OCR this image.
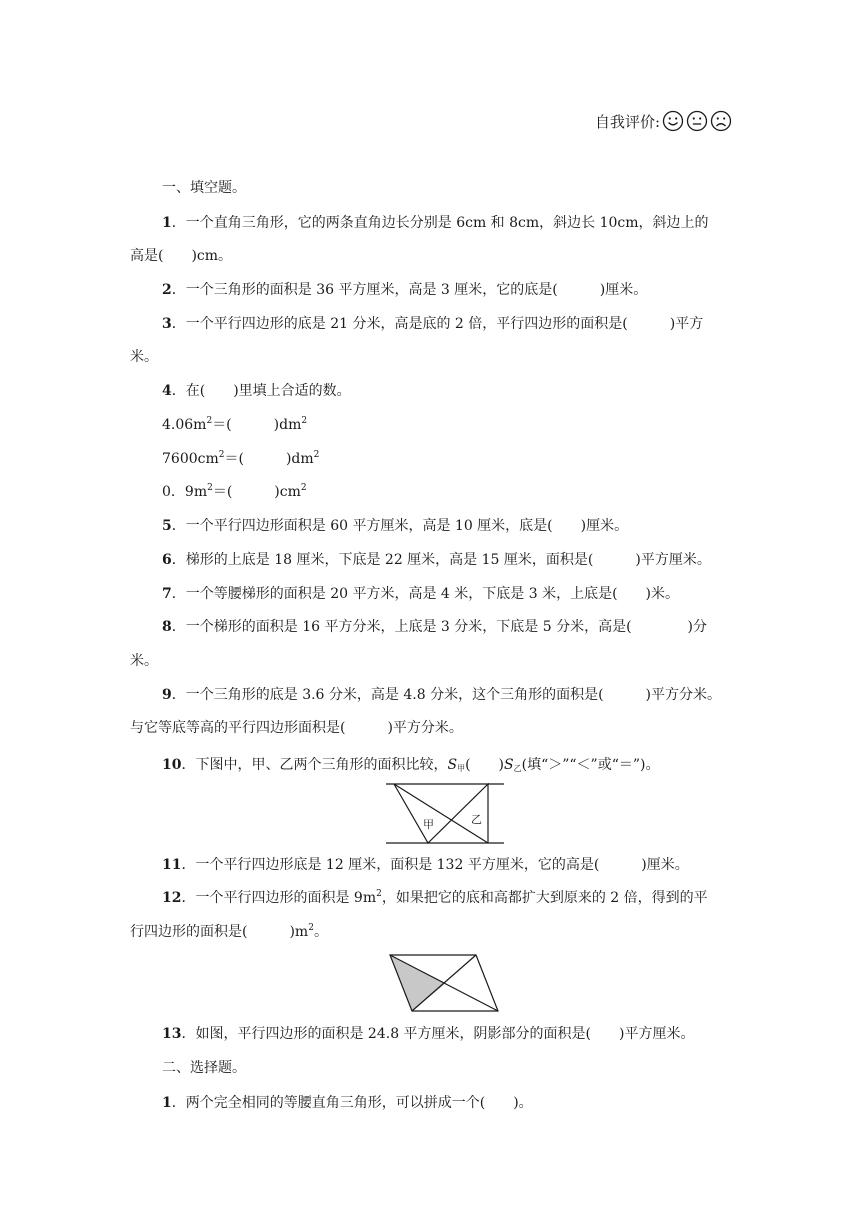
自我评价:
一、填空题。
1．一个直角三角形，它的两条直角边长分别是 6cm 和 8cm，斜边长 10cm，斜边上的
高是(　　)cm。
2．一个三角形的面积是 36 平方厘米，高是 3 厘米，它的底是(　　　)厘米。
3．一个平行四边形的底是 21 分米，高是底的 2 倍，平行四边形的面积是(　　　)平方
米。
4．在(　　)里填上合适的数。
$4.06m^2=$(　　　)$dm^2$
$7600cm^2=$(　　　)$dm^2$
0．$9m^2=$(　　　)$cm^2$
5．一个平行四边形面积是 60 平方厘米，高是 10 厘米，底是(　　)厘米。
6．梯形的上底是 18 厘米，下底是 22 厘米，高是 15 厘米，面积是(　　　)平方厘米。
7．一个等腰梯形的面积是 20 平方米，高是 4 米，下底是 3 米，上底是(　　)米。
8．一个梯形的面积是 16 平方分米，上底是 3 分米，下底是 5 分米，高是(　　　　)分
米。
9．一个三角形的底是 3.6 分米，高是 4.8 分米，这个三角形的面积是(　　　)平方分米。
与它等底等高的平行四边形面积是(　　　)平方分米。
10．下图中，甲、乙两个三角形的面积比较，$S_甲$(　　)$S_乙$(填“＞”“＜”或“＝”)。
甲	乙
11．一个平行四边形底是 12 厘米，面积是 132 平方厘米，它的高是(　　　)厘米。
12．一个平行四边形的面积是 $9m^2$，如果把它的底和高都扩大到原来的 2 倍，得到的平
行四边形的面积是(　　　)$m^2$。
13．如图，平行四边形的面积是 24.8 平方厘米，阴影部分的面积是(　　)平方厘米。
二、选择题。
1．两个完全相同的等腰直角三角形，可以拼成一个(　　)。
